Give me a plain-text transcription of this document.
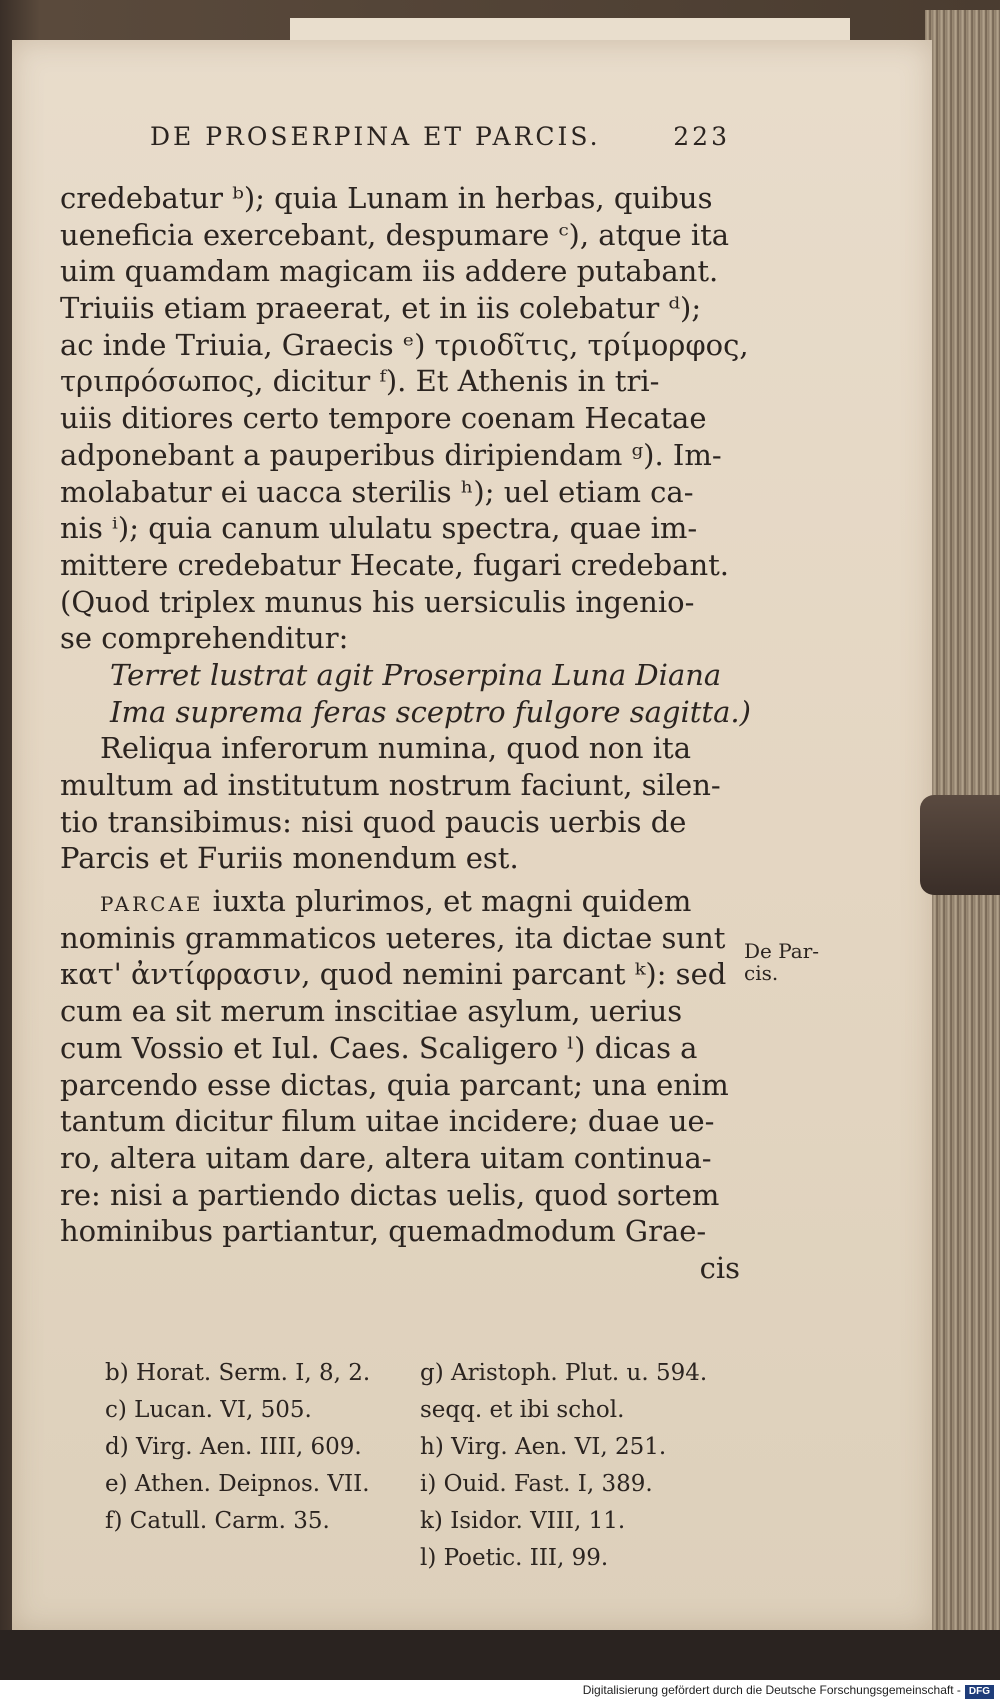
DE PROSERPINA ET PARCIS.	223
credebatur ᵇ); quia Lunam in herbas, quibus
ueneficia exercebant, despumare ᶜ), atque ita
uim quamdam magicam iis addere putabant.
Triuiis etiam praeerat, et in iis colebatur ᵈ);
ac inde Triuia, Graecis ᵉ) τριοδῖτις, τρίμορφος,
τριπρόσωπος, dicitur ᶠ). Et Athenis in tri-
uiis ditiores certo tempore coenam Hecatae
adponebant a pauperibus diripiendam ᵍ). Im-
molabatur ei uacca sterilis ʰ); uel etiam ca-
nis ⁱ); quia canum ululatu spectra, quae im-
mittere credebatur Hecate, fugari credebant.
(Quod triplex munus his uersiculis ingenio-
se comprehenditur:
Terret lustrat agit Proserpina Luna Diana
Ima suprema feras sceptro fulgore sagitta.)
Reliqua inferorum numina, quod non ita
multum ad institutum nostrum faciunt, silen-
tio transibimus: nisi quod paucis uerbis de
Parcis et Furiis monendum est.
PARCAE iuxta plurimos, et magni quidem
nominis grammaticos ueteres, ita dictae sunt
κατ' ἀντίφρασιν, quod nemini parcant ᵏ): sed
cum ea sit merum inscitiae asylum, uerius
cum Vossio et Iul. Caes. Scaligero ˡ) dicas a
parcendo esse dictas, quia parcant; una enim
tantum dicitur filum uitae incidere; duae ue-
ro, altera uitam dare, altera uitam continua-
re: nisi a partiendo dictas uelis, quod sortem
hominibus partiantur, quemadmodum Grae-
cis
De Par-
cis.
b) Horat. Serm. I, 8, 2.
c) Lucan. VI, 505.
d) Virg. Aen. IIII, 609.
e) Athen. Deipnos. VII.
f) Catull. Carm. 35.
g) Aristoph. Plut. u. 594.
seqq. et ibi schol.
h) Virg. Aen. VI, 251.
i) Ouid. Fast. I, 389.
k) Isidor. VIII, 11.
l) Poetic. III, 99.
Digitalisierung gefördert durch die Deutsche Forschungsgemeinschaft - DFG
